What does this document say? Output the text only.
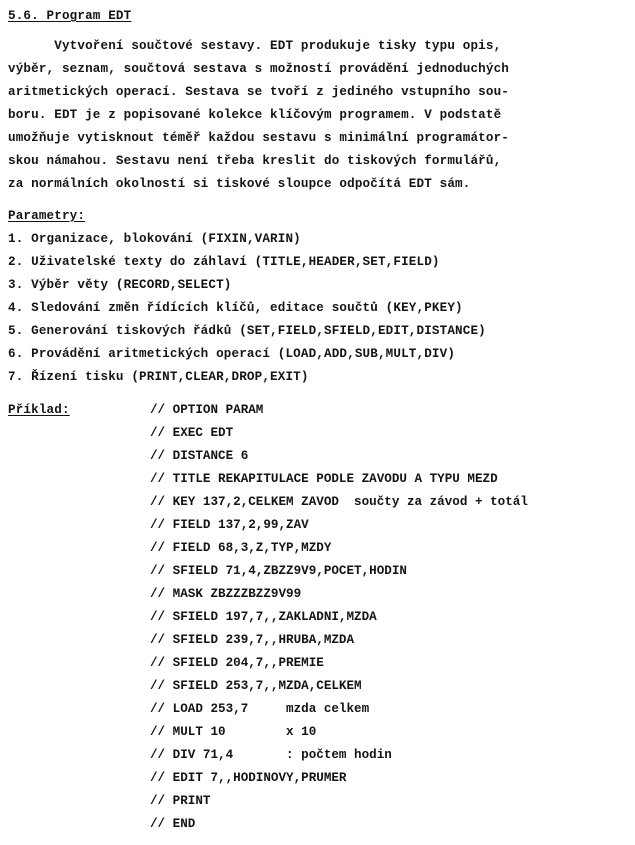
5.6. Program EDT
Vytvoření součtové sestavy. EDT produkuje tisky typu opis,
výběr, seznam, součtová sestava s možností provádění jednoduchých
aritmetických operací. Sestava se tvoří z jediného vstupního sou-
boru. EDT je z popisované kolekce klíčovým programem. V podstatě
umožňuje vytisknout téměř každou sestavu s minimální programátor-
skou námahou. Sestavu není třeba kreslit do tiskových formulářů,
za normálních okolností si tiskové sloupce odpočítá EDT sám.
Parametry:
1. Organizace, blokování (FIXIN,VARIN)
2. Uživatelské texty do záhlaví (TITLE,HEADER,SET,FIELD)
3. Výběr věty (RECORD,SELECT)
4. Sledování změn řídících klíčů, editace součtů (KEY,PKEY)
5. Generování tiskových řádků (SET,FIELD,SFIELD,EDIT,DISTANCE)
6. Provádění aritmetických operací (LOAD,ADD,SUB,MULT,DIV)
7. Řízení tisku (PRINT,CLEAR,DROP,EXIT)
Příklad:	// OPTION PARAM
// EXEC EDT
// DISTANCE 6
// TITLE REKAPITULACE PODLE ZAVODU A TYPU MEZD
// KEY 137,2,CELKEM ZAVOD  součty za závod + totál
// FIELD 137,2,99,ZAV
// FIELD 68,3,Z,TYP,MZDY
// SFIELD 71,4,ZBZZ9V9,POCET,HODIN
// MASK ZBZZZBZZ9V99
// SFIELD 197,7,,ZAKLADNI,MZDA
// SFIELD 239,7,,HRUBA,MZDA
// SFIELD 204,7,,PREMIE
// SFIELD 253,7,,MZDA,CELKEM
// LOAD 253,7     mzda celkem
// MULT 10        x 10
// DIV 71,4       : počtem hodin
// EDIT 7,,HODINOVY,PRUMER
// PRINT
// END
